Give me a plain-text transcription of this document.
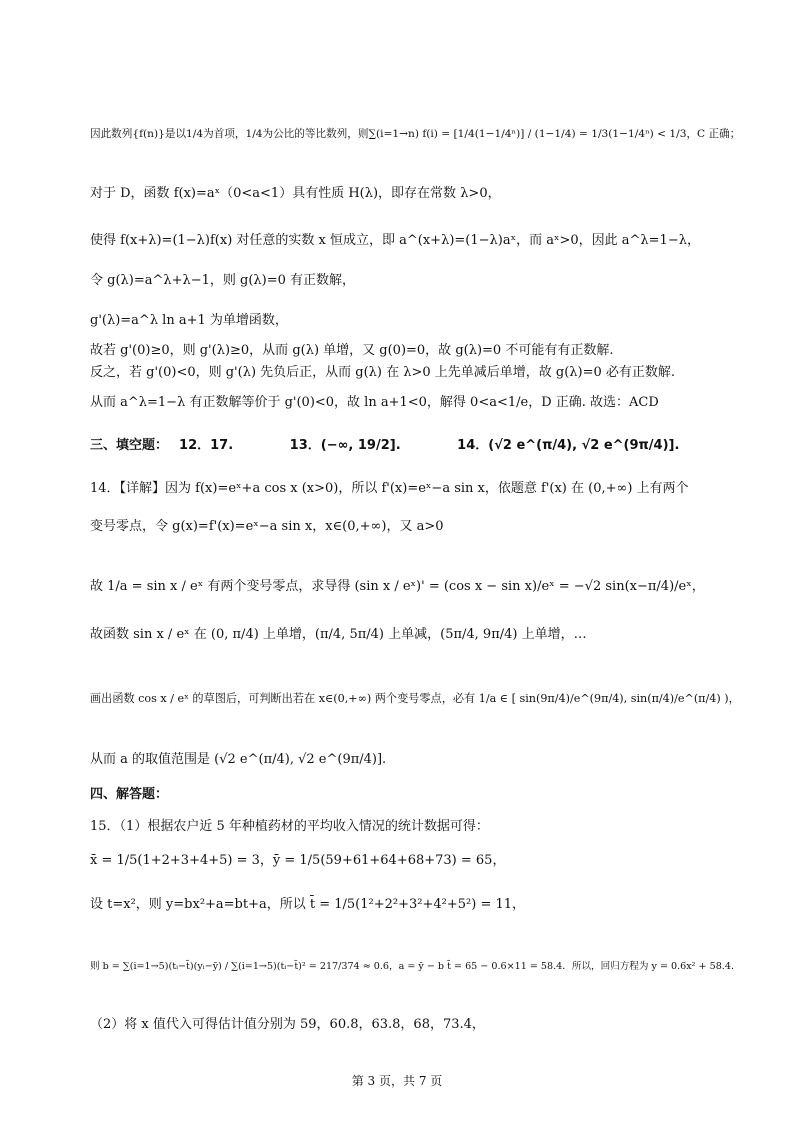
因此数列{f(n)}是以1/4为首项，1/4为公比的等比数列，则∑(i=1→n) f(i) = [1/4(1−1/4ⁿ)] / (1−1/4) = 1/3(1−1/4ⁿ) < 1/3，C 正确；
对于 D，函数 f(x)=aˣ（0<a<1）具有性质 H(λ)，即存在常数 λ>0，
使得 f(x+λ)=(1−λ)f(x) 对任意的实数 x 恒成立，即 a^(x+λ)=(1−λ)aˣ，而 aˣ>0，因此 a^λ=1−λ，
令 g(λ)=a^λ+λ−1，则 g(λ)=0 有正数解，
g'(λ)=a^λ ln a+1 为单增函数，
故若 g'(0)≥0，则 g'(λ)≥0，从而 g(λ) 单增，又 g(0)=0，故 g(λ)=0 不可能有有正数解.
反之，若 g'(0)<0，则 g'(λ) 先负后正，从而 g(λ) 在 λ>0 上先单减后单增，故 g(λ)=0 必有正数解.
从而 a^λ=1−λ 有正数解等价于 g'(0)<0，故 ln a+1<0，解得 0<a<1/e，D 正确. 故选：ACD
三、填空题：　 12．17.　　　　 13．(−∞, 19/2].　　　　 14．(√2 e^(π/4), √2 e^(9π/4)].
14．【详解】因为 f(x)=eˣ+a cos x (x>0)，所以 f'(x)=eˣ−a sin x，依题意 f'(x) 在 (0,+∞) 上有两个
变号零点，令 g(x)=f'(x)=eˣ−a sin x，x∈(0,+∞)，又 a>0
故 1/a = sin x / eˣ 有两个变号零点，求导得 (sin x / eˣ)' = (cos x − sin x)/eˣ = −√2 sin(x−π/4)/eˣ，
故函数 sin x / eˣ 在 (0, π/4) 上单增，(π/4, 5π/4) 上单减，(5π/4, 9π/4) 上单增，…
画出函数 cos x / eˣ 的草图后，可判断出若在 x∈(0,+∞) 两个变号零点，必有 1/a ∈ [ sin(9π/4)/e^(9π/4), sin(π/4)/e^(π/4) )，
从而 a 的取值范围是 (√2 e^(π/4), √2 e^(9π/4)].
四、解答题：
15．（1）根据农户近 5 年种植药材的平均收入情况的统计数据可得：
x̄ = 1/5(1+2+3+4+5) = 3，ȳ = 1/5(59+61+64+68+73) = 65，
设 t=x²，则 y=bx²+a=bt+a，所以 t̄ = 1/5(1²+2²+3²+4²+5²) = 11，
则 b = ∑(i=1→5)(tᵢ−t̄)(yᵢ−ȳ) / ∑(i=1→5)(tᵢ−t̄)² = 217/374 ≈ 0.6，a = ȳ − b t̄ = 65 − 0.6×11 = 58.4．所以，回归方程为 y = 0.6x² + 58.4．
（2）将 x 值代入可得估计值分别为 59，60.8，63.8，68，73.4，
第 3 页，共 7 页
